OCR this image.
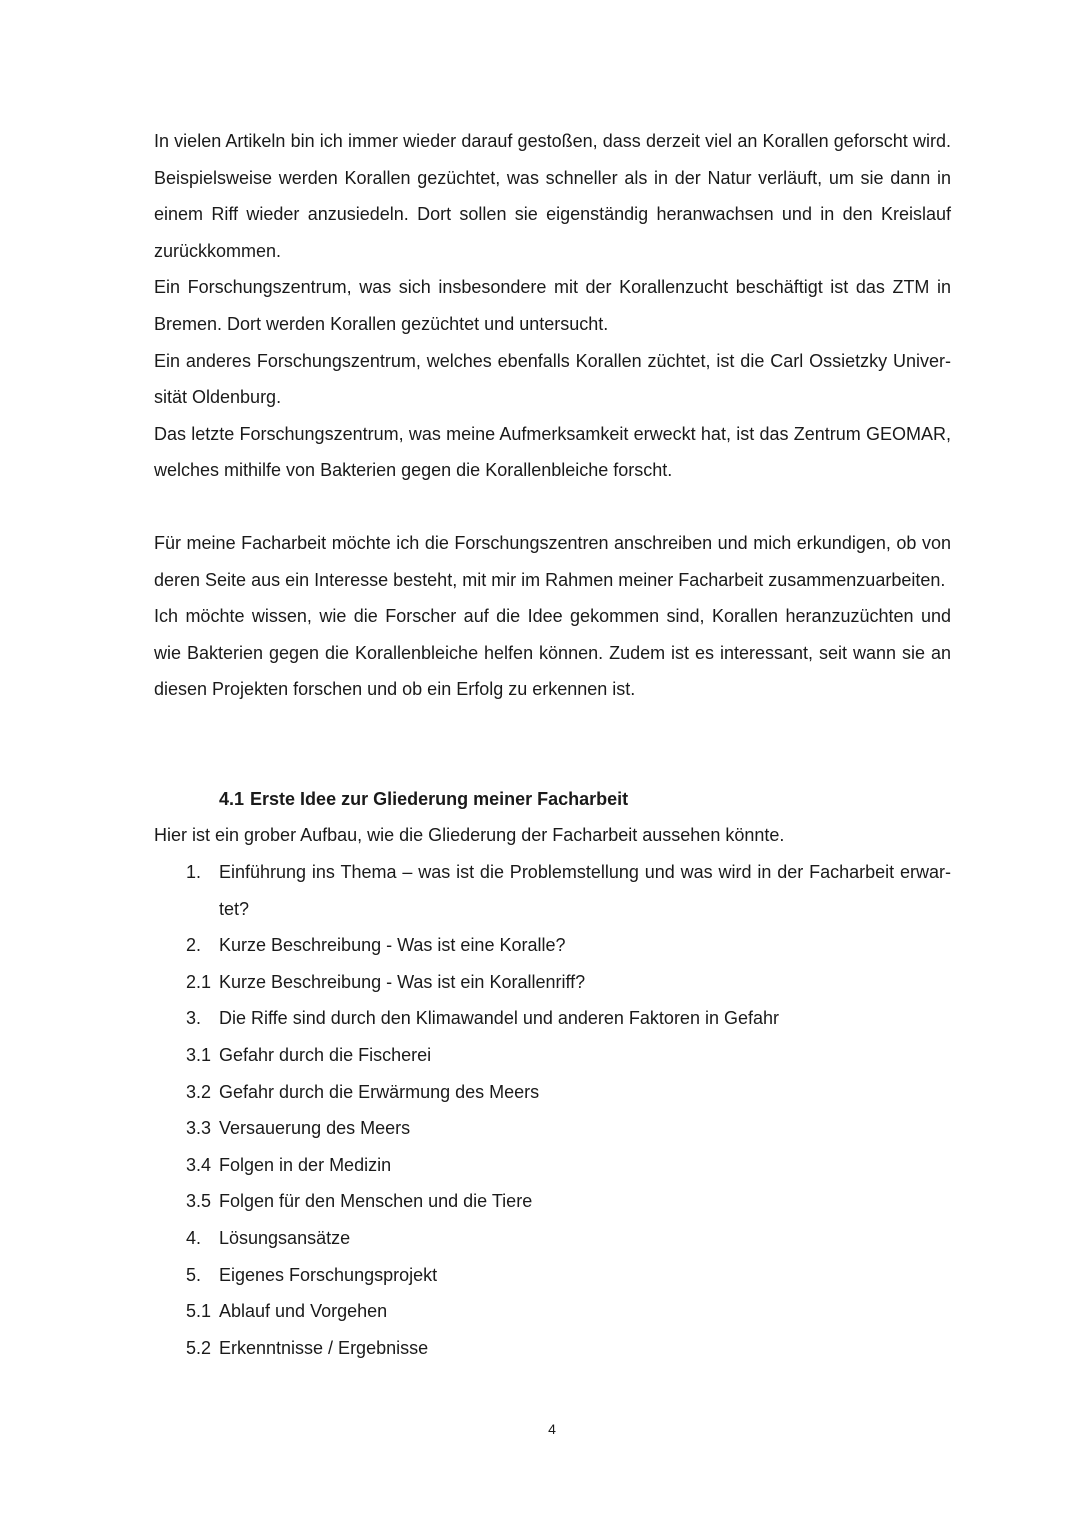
In vielen Artikeln bin ich immer wieder darauf gestoßen, dass derzeit viel an Korallen geforscht wird. Beispielsweise werden Korallen gezüchtet, was schneller als in der Natur verläuft, um sie dann in einem Riff wieder anzusiedeln. Dort sollen sie eigenständig heranwachsen und in den Kreislauf zurückkommen.

Ein Forschungszentrum, was sich insbesondere mit der Korallenzucht beschäftigt ist das ZTM in Bremen. Dort werden Korallen gezüchtet und untersucht.

Ein anderes Forschungszentrum, welches ebenfalls Korallen züchtet, ist die Carl Ossietzky Universität Oldenburg.

Das letzte Forschungszentrum, was meine Aufmerksamkeit erweckt hat, ist das Zentrum GEOMAR, welches mithilfe von Bakterien gegen die Korallenbleiche forscht.

Für meine Facharbeit möchte ich die Forschungszentren anschreiben und mich erkundigen, ob von deren Seite aus ein Interesse besteht, mit mir im Rahmen meiner Facharbeit zusammenzuarbeiten.

Ich möchte wissen, wie die Forscher auf die Idee gekommen sind, Korallen heranzuzüchten und wie Bakterien gegen die Korallenbleiche helfen können. Zudem ist es interessant, seit wann sie an diesen Projekten forschen und ob ein Erfolg zu erkennen ist.

4.1 Erste Idee zur Gliederung meiner Facharbeit

Hier ist ein grober Aufbau, wie die Gliederung der Facharbeit aussehen könnte.

1. Einführung ins Thema – was ist die Problemstellung und was wird in der Facharbeit erwartet?
2. Kurze Beschreibung - Was ist eine Koralle?
2.1 Kurze Beschreibung - Was ist ein Korallenriff?
3. Die Riffe sind durch den Klimawandel und anderen Faktoren in Gefahr
3.1 Gefahr durch die Fischerei
3.2 Gefahr durch die Erwärmung des Meers
3.3 Versauerung des Meers
3.4 Folgen in der Medizin
3.5 Folgen für den Menschen und die Tiere
4. Lösungsansätze
5. Eigenes Forschungsprojekt
5.1 Ablauf und Vorgehen
5.2 Erkenntnisse / Ergebnisse
4
